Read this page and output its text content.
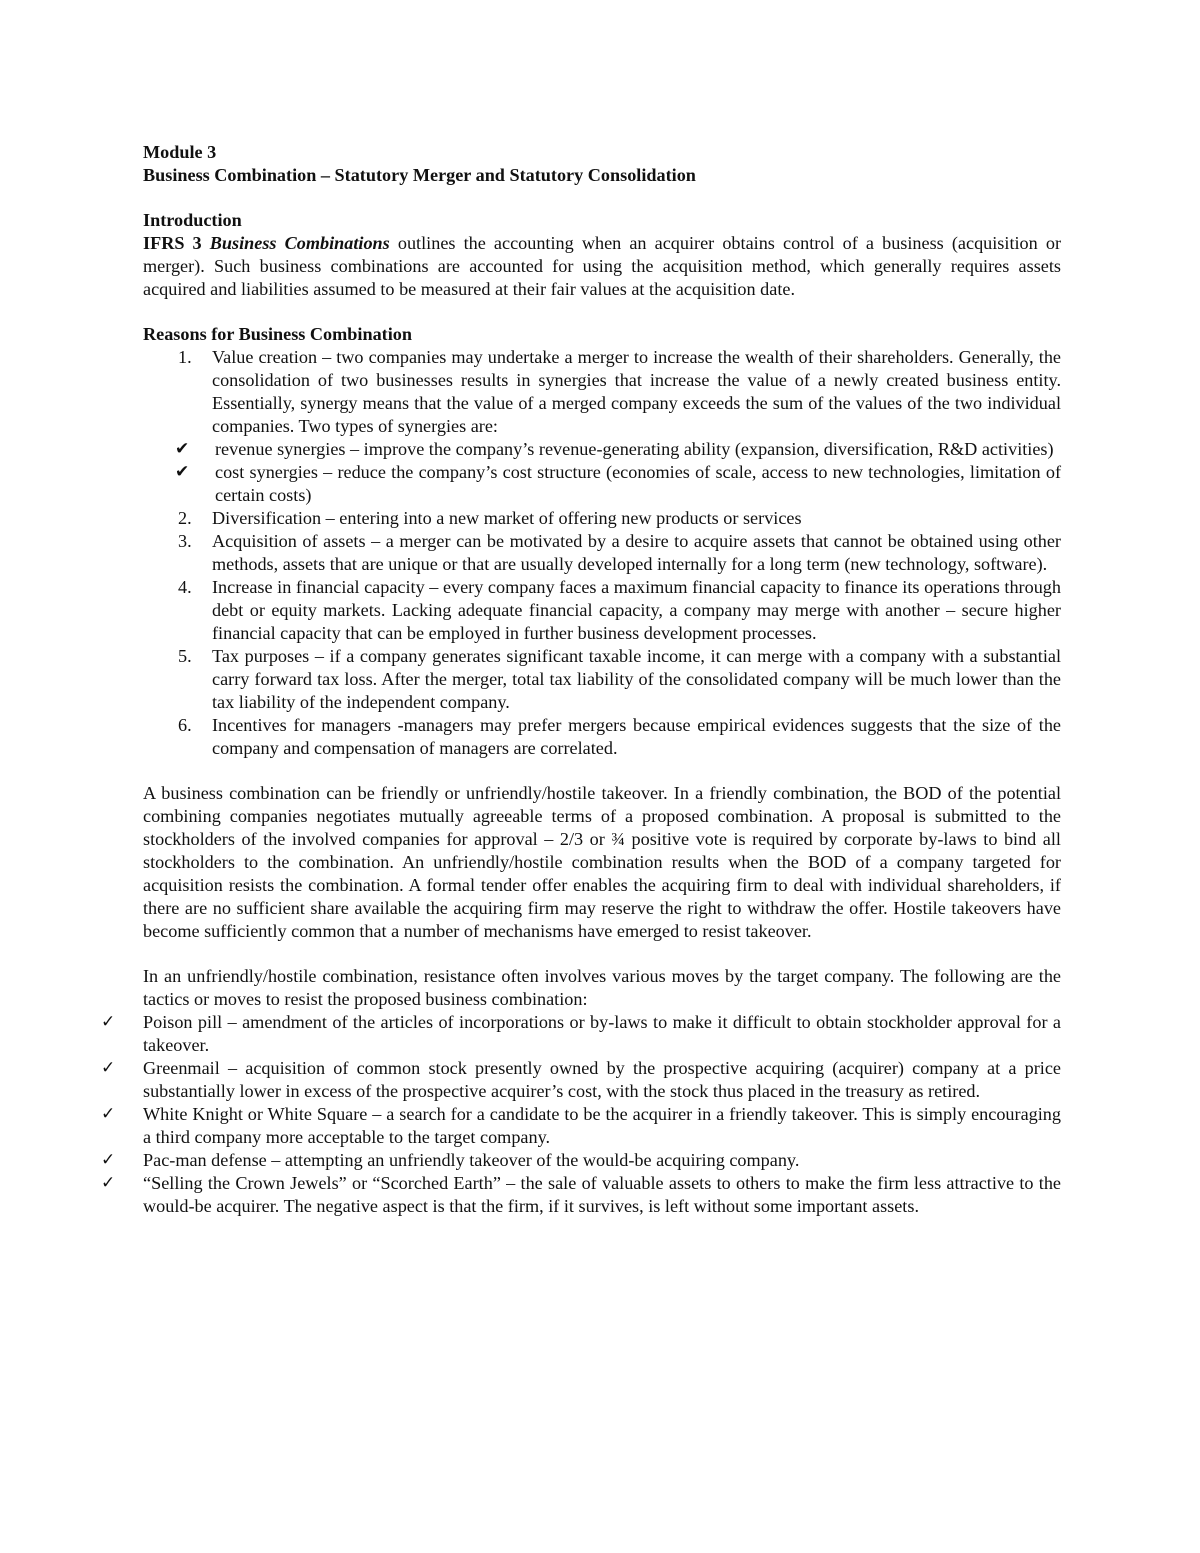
Module 3

Business Combination – Statutory Merger and Statutory Consolidation

Introduction

IFRS 3 Business Combinations outlines the accounting when an acquirer obtains control of a business (acquisition or merger). Such business combinations are accounted for using the acquisition method, which generally requires assets acquired and liabilities assumed to be measured at their fair values at the acquisition date.

Reasons for Business Combination

1. Value creation – two companies may undertake a merger to increase the wealth of their shareholders. Generally, the consolidation of two businesses results in synergies that increase the value of a newly created business entity. Essentially, synergy means that the value of a merged company exceeds the sum of the values of the two individual companies. Two types of synergies are:
✔ revenue synergies – improve the company’s revenue-generating ability (expansion, diversification, R&D activities)
✔ cost synergies – reduce the company’s cost structure (economies of scale, access to new technologies, limitation of certain costs)
2. Diversification – entering into a new market of offering new products or services
3. Acquisition of assets – a merger can be motivated by a desire to acquire assets that cannot be obtained using other methods, assets that are unique or that are usually developed internally for a long term (new technology, software).
4. Increase in financial capacity – every company faces a maximum financial capacity to finance its operations through debt or equity markets. Lacking adequate financial capacity, a company may merge with another – secure higher financial capacity that can be employed in further business development processes.
5. Tax purposes – if a company generates significant taxable income, it can merge with a company with a substantial carry forward tax loss. After the merger, total tax liability of the consolidated company will be much lower than the tax liability of the independent company.
6. Incentives for managers -managers may prefer mergers because empirical evidences suggests that the size of the company and compensation of managers are correlated.

A business combination can be friendly or unfriendly/hostile takeover. In a friendly combination, the BOD of the potential combining companies negotiates mutually agreeable terms of a proposed combination. A proposal is submitted to the stockholders of the involved companies for approval – 2/3 or ¾ positive vote is required by corporate by-laws to bind all stockholders to the combination. An unfriendly/hostile combination results when the BOD of a company targeted for acquisition resists the combination. A formal tender offer enables the acquiring firm to deal with individual shareholders, if there are no sufficient share available the acquiring firm may reserve the right to withdraw the offer. Hostile takeovers have become sufficiently common that a number of mechanisms have emerged to resist takeover.

In an unfriendly/hostile combination, resistance often involves various moves by the target company. The following are the tactics or moves to resist the proposed business combination:

✓ Poison pill – amendment of the articles of incorporations or by-laws to make it difficult to obtain stockholder approval for a takeover.
✓ Greenmail – acquisition of common stock presently owned by the prospective acquiring (acquirer) company at a price substantially lower in excess of the prospective acquirer’s cost, with the stock thus placed in the treasury as retired.
✓ White Knight or White Square – a search for a candidate to be the acquirer in a friendly takeover. This is simply encouraging a third company more acceptable to the target company.
✓ Pac-man defense – attempting an unfriendly takeover of the would-be acquiring company.
✓ “Selling the Crown Jewels” or “Scorched Earth” – the sale of valuable assets to others to make the firm less attractive to the would-be acquirer. The negative aspect is that the firm, if it survives, is left without some important assets.
